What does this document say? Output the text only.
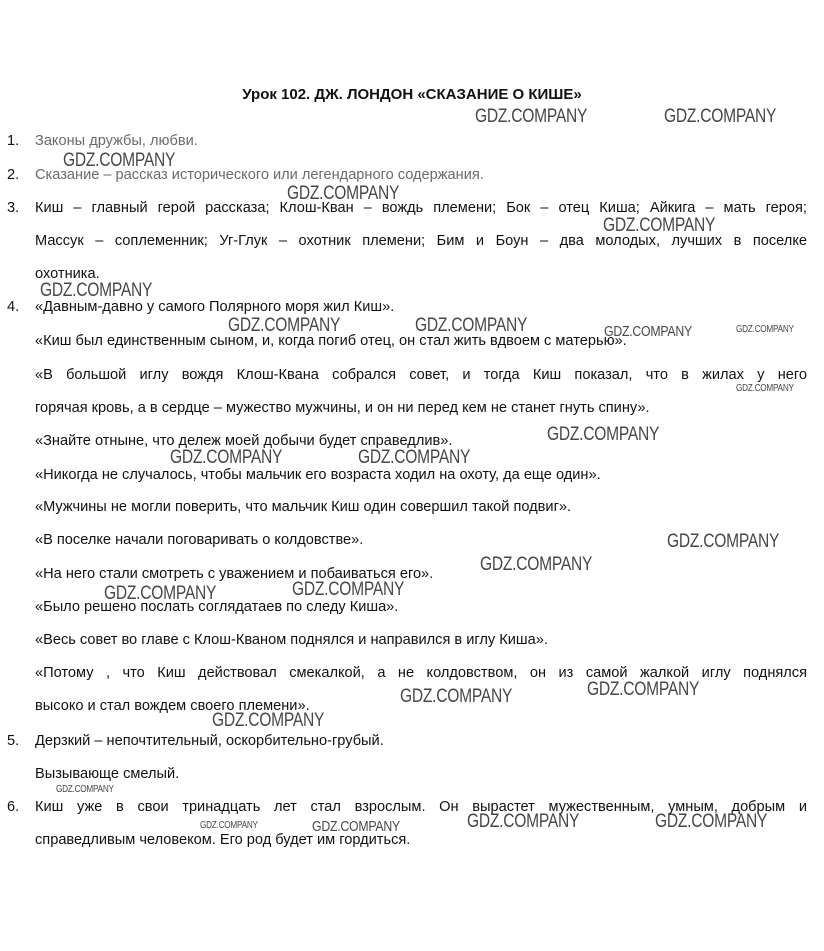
Урок 102. ДЖ. ЛОНДОН «СКАЗАНИЕ О КИШЕ»
1.	Законы дружбы, любви.
2.	Сказание – рассказ исторического или легендарного содержания.
3.	Киш – главный герой рассказа; Клош-Кван – вождь племени; Бок – отец Киша; Айкига – мать героя;
Массук – соплеменник; Уг-Глук – охотник племени; Бим и Боун – два молодых, лучших в поселке
охотника.
4.	«Давным-давно у самого Полярного моря жил Киш».
«Киш был единственным сыном, и, когда погиб отец, он стал жить вдвоем с матерью».
«В большой иглу вождя Клош-Квана собрался совет, и тогда Киш показал, что в жилах у него
горячая кровь, а в сердце – мужество мужчины, и он ни перед кем не станет гнуть спину».
«Знайте отныне, что дележ моей добычи будет справедлив».
«Никогда не случалось, чтобы мальчик его возраста ходил на охоту, да еще один».
«Мужчины не могли поверить, что мальчик Киш один совершил такой подвиг».
«В поселке начали поговаривать о колдовстве».
«На него стали смотреть с уважением и побаиваться его».
«Было решено послать соглядатаев по следу Киша».
«Весь совет во главе с Клош-Кваном поднялся и направился в иглу Киша».
«Потому , что Киш действовал смекалкой, а не колдовством, он из самой жалкой иглу поднялся
высоко и стал вождем своего племени».
5.	Дерзкий – непочтительный, оскорбительно-грубый.
Вызывающе смелый.
6.	Киш уже в свои тринадцать лет стал взрослым. Он вырастет мужественным, умным, добрым и
справедливым человеком. Его род будет им гордиться.
GDZ.COMPANY	GDZ.COMPANY
GDZ.COMPANY
GDZ.COMPANY
GDZ.COMPANY
GDZ.COMPANY
GDZ.COMPANY	GDZ.COMPANY	GDZ.COMPANY	GDZ.COMPANY
GDZ.COMPANY
GDZ.COMPANY
GDZ.COMPANY	GDZ.COMPANY
GDZ.COMPANY
GDZ.COMPANY
GDZ.COMPANY
GDZ.COMPANY
GDZ.COMPANY
GDZ.COMPANY
GDZ.COMPANY
GDZ.COMPANY
GDZ.COMPANY	GDZ.COMPANY
GDZ.COMPANY	GDZ.COMPANY
